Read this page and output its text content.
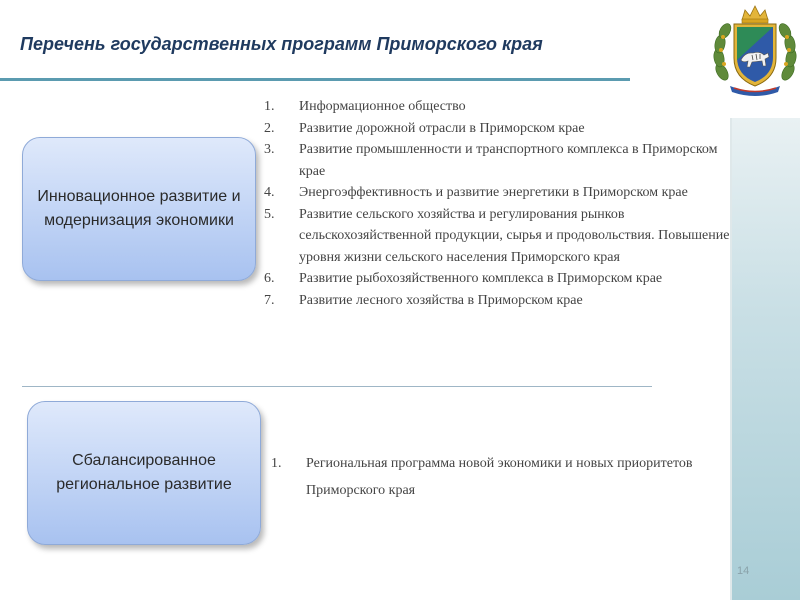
Перечень государственных программ Приморского края
Инновационное развитие и модернизация экономики
1.	Информационное общество
2.	Развитие дорожной отрасли в Приморском крае
3.	Развитие промышленности и транспортного комплекса в Приморском крае
4.	Энергоэффективность и развитие энергетики в Приморском крае
5.	Развитие сельского хозяйства и регулирования рынков сельскохозяйственной продукции, сырья и продовольствия. Повышение уровня жизни сельского населения Приморского края
6.	Развитие рыбохозяйственного комплекса в Приморском крае
7.	Развитие лесного хозяйства в Приморском крае
Сбалансированное региональное развитие
1.	Региональная программа новой экономики и новых приоритетов Приморского края
14
